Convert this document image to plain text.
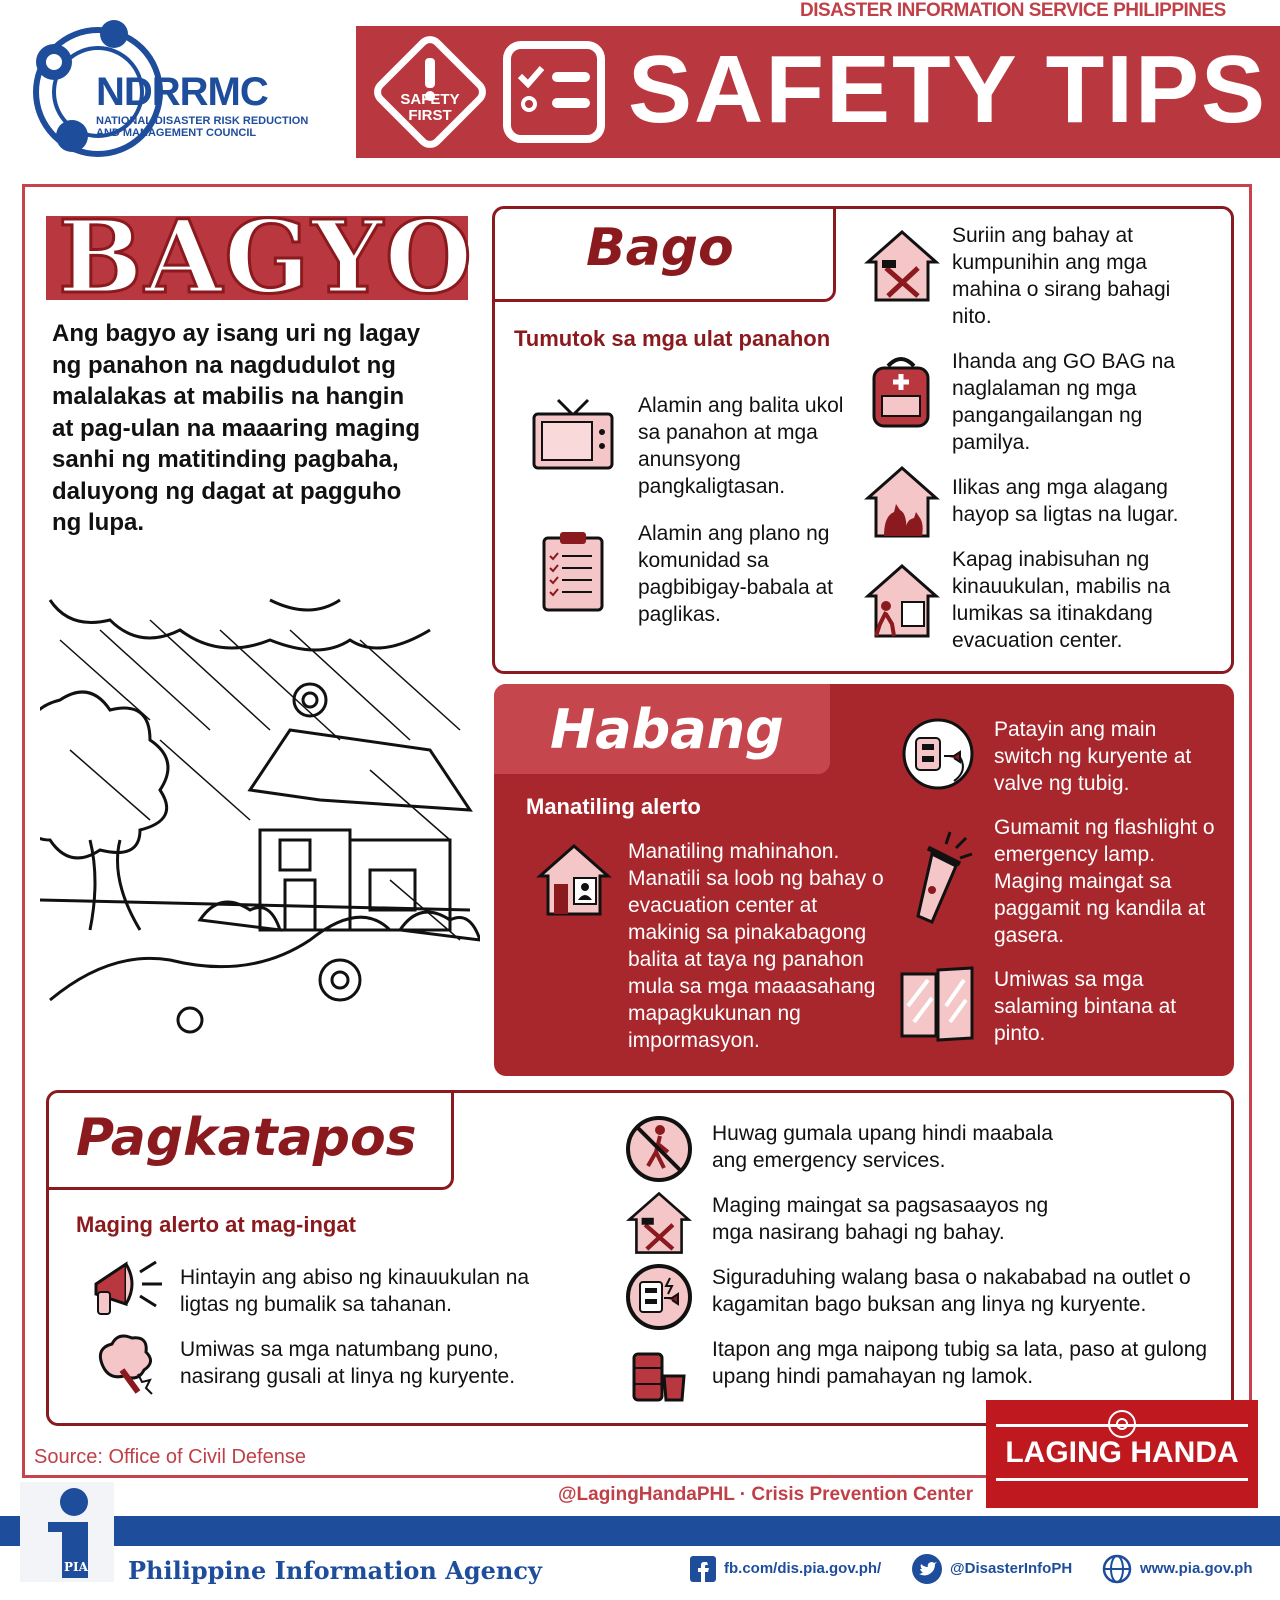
NDRRMC
NATIONAL DISASTER RISK REDUCTION
AND MANAGEMENT COUNCIL
DISASTER INFORMATION SERVICE PHILIPPINES
SAFETY
FIRST SAFETY TIPS
BAGYO
Ang bagyo ay isang uri ng lagay ng panahon na nagdudulot ng malalakas at mabilis na hangin at pag-ulan na maaaring maging sanhi ng matitinding pagbaha, daluyong ng dagat at pagguho ng lupa.
Bago
Tumutok sa mga ulat panahon
Alamin ang balita ukol sa panahon at mga anunsyong pangkaligtasan.
Alamin ang plano ng komunidad sa pagbibigay-babala at paglikas.
Suriin ang bahay at kumpunihin ang mga mahina o sirang bahagi nito.
Ihanda ang GO BAG na naglalaman ng mga pangangailangan ng pamilya.
Ilikas ang mga alagang hayop sa ligtas na lugar.
Kapag inabisuhan ng kinauukulan, mabilis na lumikas sa itinakdang evacuation center.
Habang
Manatiling alerto
Manatiling mahinahon. Manatili sa loob ng bahay o evacuation center at makinig sa pinakabagong balita at taya ng panahon mula sa mga maaasahang mapagkukunan ng impormasyon.
Patayin ang main switch ng kuryente at valve ng tubig.
Gumamit ng flashlight o emergency lamp. Maging maingat sa paggamit ng kandila at gasera.
Umiwas sa mga salaming bintana at pinto.
Pagkatapos
Maging alerto at mag-ingat
Hintayin ang abiso ng kinauukulan na ligtas ng bumalik sa tahanan.
Umiwas sa mga natumbang puno, nasirang gusali at linya ng kuryente.
Huwag gumala upang hindi maabala ang emergency services.
Maging maingat sa pagsasaayos ng mga nasirang bahagi ng bahay.
Siguraduhing walang basa o nakababad na outlet o kagamitan bago buksan ang linya ng kuryente.
Itapon ang mga naipong tubig sa lata, paso at gulong upang hindi pamahayan ng lamok.
Source: Office of Civil Defense	LAGING HANDA
@LagingHandaPHL · Crisis Prevention Center
PIA Philippine Information Agency	fb.com/dis.pia.gov.ph/	@DisasterInfoPH	www.pia.gov.ph
